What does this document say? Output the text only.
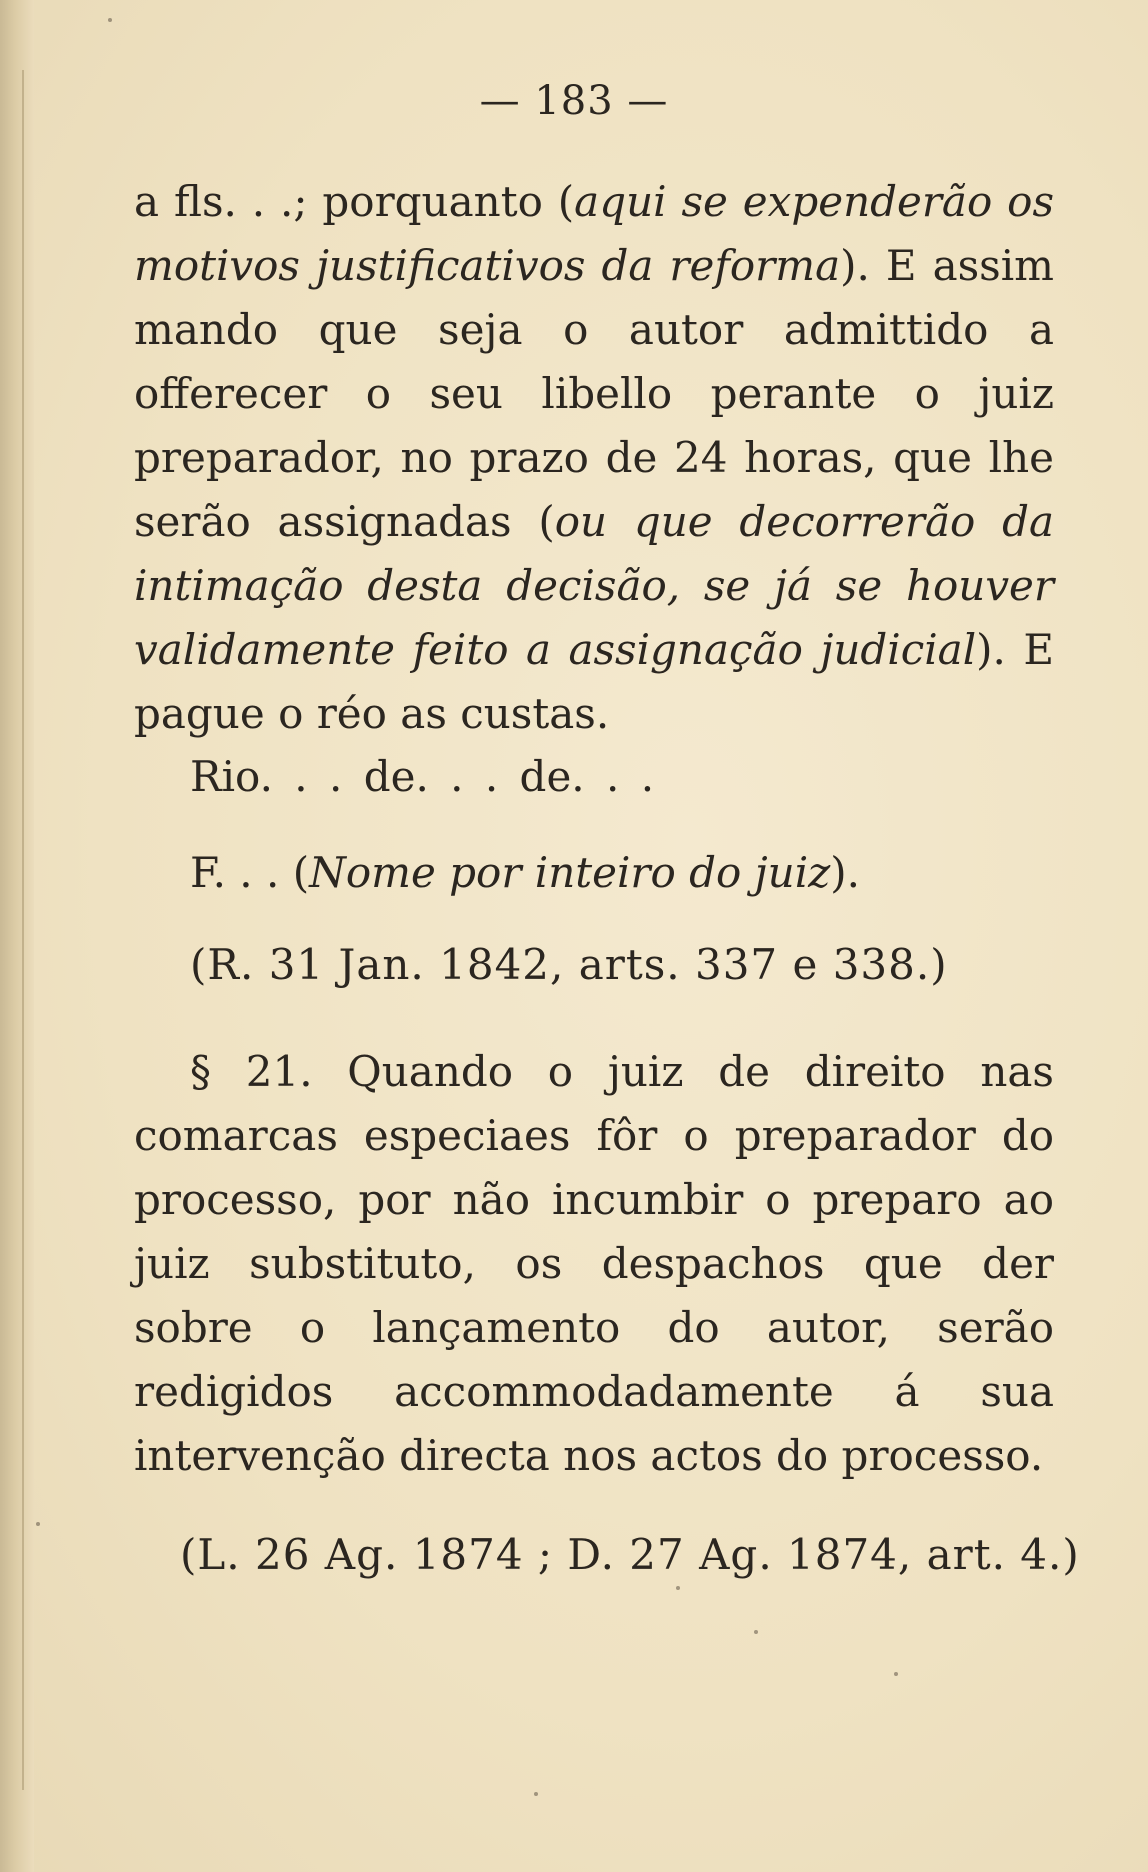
— 183 —

a fls. . .; porquanto (aqui se expenderão os motivos justificativos da reforma). E assim mando que seja o autor admittido a offerecer o seu libello perante o juiz preparador, no prazo de 24 horas, que lhe serão assignadas (ou que decorrerão da intimação desta decisão, se já se houver validamente feito a assignação judicial). E pague o réo as custas.

Rio. . . de. . . de. . .
F. . . (Nome por inteiro do juiz).
(R. 31 Jan. 1842, arts. 337 e 338.)

§ 21. Quando o juiz de direito nas comarcas especiaes fôr o preparador do processo, por não incumbir o preparo ao juiz substituto, os despachos que der sobre o lançamento do autor, serão redigidos accommodadamente á sua intervenção directa nos actos do processo.

(L. 26 Ag. 1874 ; D. 27 Ag. 1874, art. 4.)
